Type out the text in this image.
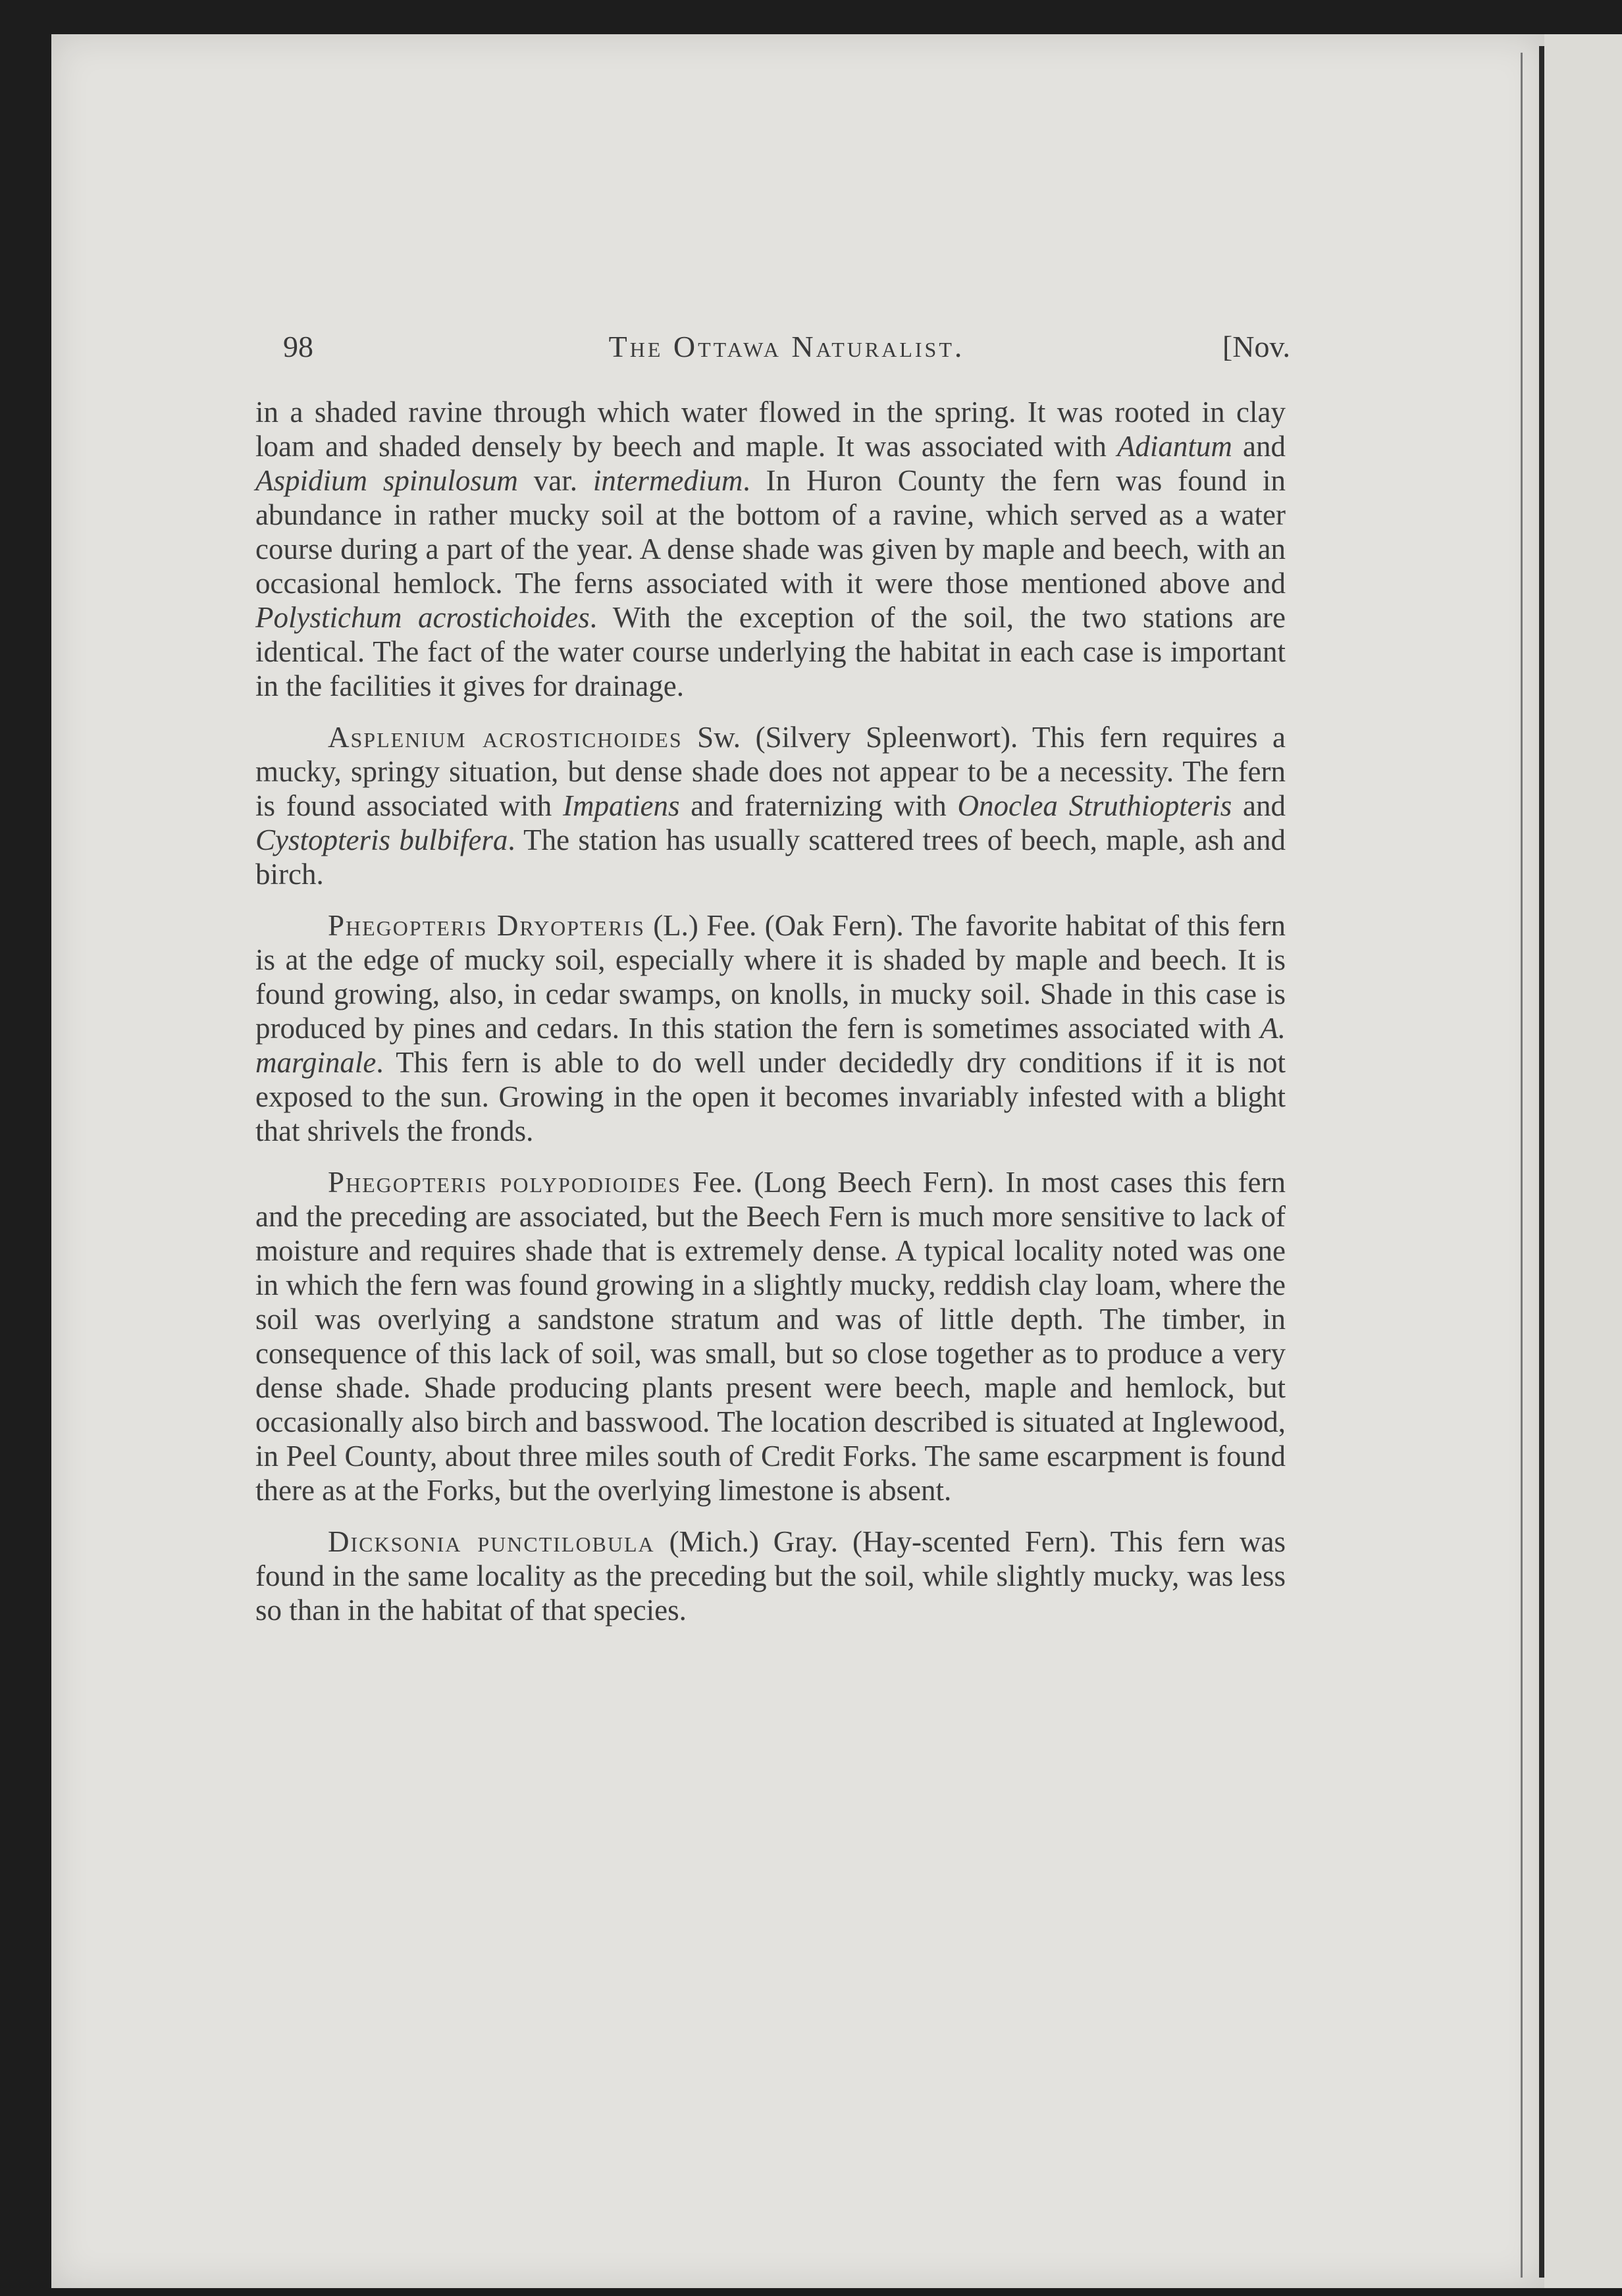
98	The Ottawa Naturalist.	[Nov.

in a shaded ravine through which water flowed in the spring. It was rooted in clay loam and shaded densely by beech and maple. It was associated with Adiantum and Aspidium spinulosum var. intermedium. In Huron County the fern was found in abundance in rather mucky soil at the bottom of a ravine, which served as a water course during a part of the year. A dense shade was given by maple and beech, with an occasional hemlock. The ferns associated with it were those mentioned above and Polystichum acrostichoides. With the exception of the soil, the two stations are identical. The fact of the water course underlying the habitat in each case is important in the facilities it gives for drainage.

Asplenium acrostichoides Sw. (Silvery Spleenwort). This fern requires a mucky, springy situation, but dense shade does not appear to be a necessity. The fern is found associated with Impatiens and fraternizing with Onoclea Struthiopteris and Cystopteris bulbifera. The station has usually scattered trees of beech, maple, ash and birch.

Phegopteris Dryopteris (L.) Fee. (Oak Fern). The favorite habitat of this fern is at the edge of mucky soil, especially where it is shaded by maple and beech. It is found growing, also, in cedar swamps, on knolls, in mucky soil. Shade in this case is produced by pines and cedars. In this station the fern is sometimes associated with A. marginale. This fern is able to do well under decidedly dry conditions if it is not exposed to the sun. Growing in the open it becomes invariably infested with a blight that shrivels the fronds.

Phegopteris polypodioides Fee. (Long Beech Fern). In most cases this fern and the preceding are associated, but the Beech Fern is much more sensitive to lack of moisture and requires shade that is extremely dense. A typical locality noted was one in which the fern was found growing in a slightly mucky, reddish clay loam, where the soil was overlying a sandstone stratum and was of little depth. The timber, in consequence of this lack of soil, was small, but so close together as to produce a very dense shade. Shade producing plants present were beech, maple and hemlock, but occasionally also birch and basswood. The location described is situated at Inglewood, in Peel County, about three miles south of Credit Forks. The same escarpment is found there as at the Forks, but the overlying limestone is absent.

Dicksonia punctilobula (Mich.) Gray. (Hay-scented Fern). This fern was found in the same locality as the preceding but the soil, while slightly mucky, was less so than in the habitat of that species.
